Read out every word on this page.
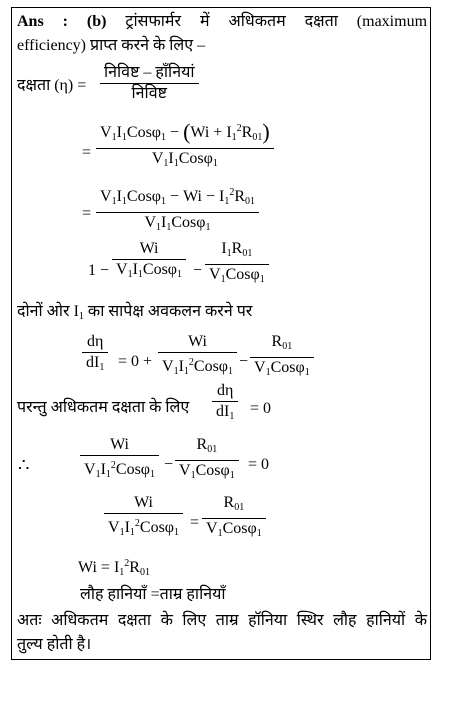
Ans : (b) ट्रांसफार्मर में अधिकतम दक्षता (maximum
efficiency) प्राप्त करने के लिए –
दक्षता (η) =
निविष्ट – हाँनियां
निविष्ट
=
$V_1I_1Cos\varphi_1 - (Wi + I_1^2R_{01})$
$V_1I_1Cos\varphi_1$
=
$V_1I_1Cos\varphi_1 - Wi - I_1^2R_{01}$
$V_1I_1Cos\varphi_1$
1 −
Wi
$V_1I_1Cos\varphi_1$ −
$I_1R_{01}$
$V_1Cos\varphi_1$
दोनों ओर $I_1$ का सापेक्ष अवकलन करने पर
dη
$dI_1 = 0$ +
Wi
$V_1I_1^2Cos\varphi_1$
−
$R_{01}$
$V_1Cos\varphi_1$
परन्तु अधिकतम दक्षता के लिए
dη
$dI_1 = 0$
∴
Wi
$V_1I_1^2Cos\varphi_1$
−
$R_{01}$
$V_1Cos\varphi_1$
= 0
Wi
$V_1I_1^2Cos\varphi_1$
=
$R_{01}$
$V_1Cos\varphi_1$
$Wi = I_1^2R_{01}$
लौह हानियाँ =ताम्र हानियाँ
अतः अधिकतम दक्षता के लिए ताम्र हॉनिया स्थिर लौह हानियों के
तुल्य होती है।
